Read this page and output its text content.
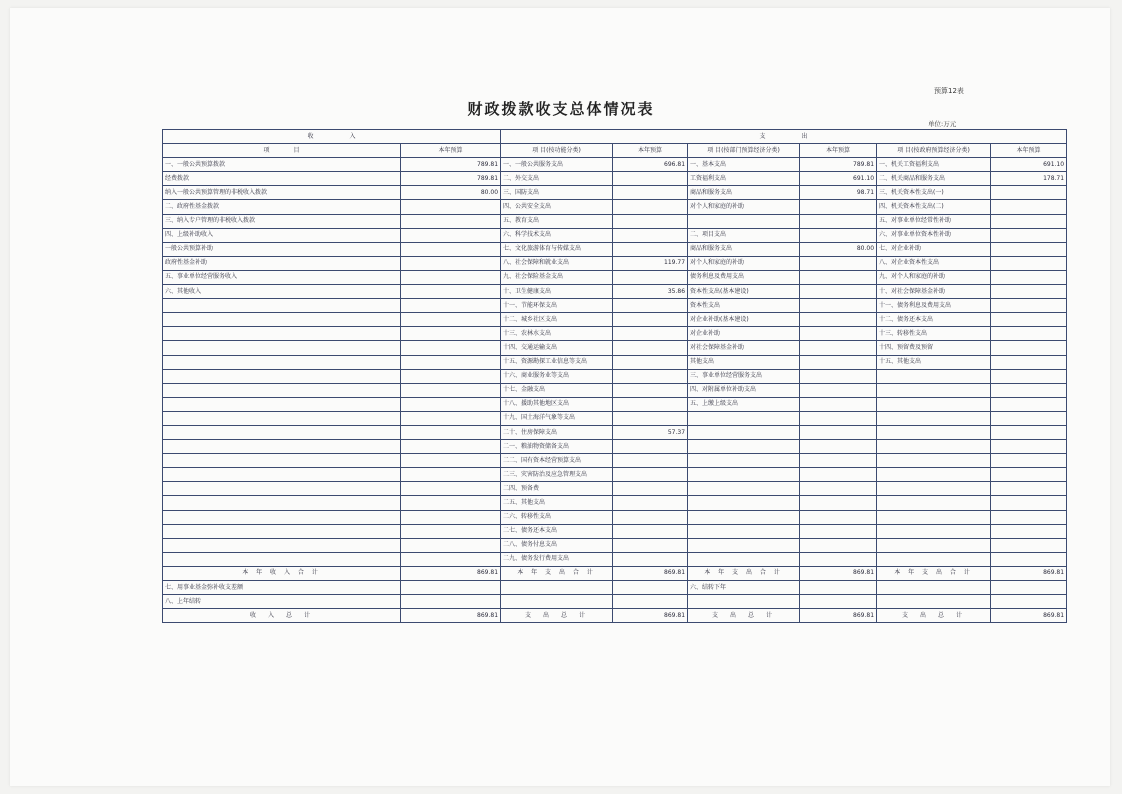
预算12表
财政拨款收支总体情况表
单位:万元
收　　　　　　入		支　　　　　　出					
项　　　　目	本年预算	项 目(按功能分类)	本年预算	项 目(按部门预算经济分类)	本年预算	项 目(按政府预算经济分类)	本年预算
一、一般公共预算拨款	789.81	一、一般公共服务支出	696.81	一、基本支出	789.81	一、机关工资福利支出	691.10
经费拨款	789.81	二、外交支出		工资福利支出	691.10	二、机关商品和服务支出	178.71
纳入一般公共预算管理的非税收入拨款	80.00	三、国防支出		商品和服务支出	98.71	三、机关资本性支出(一)	
二、政府性基金拨款		四、公共安全支出		对个人和家庭的补助		四、机关资本性支出(二)	
三、纳入专户管理的非税收入拨款		五、教育支出				五、对事业单位经常性补助	
四、上级补助收入		六、科学技术支出		二、项目支出		六、对事业单位资本性补助	
一般公共预算补助		七、文化旅游体育与传媒支出		商品和服务支出	80.00	七、对企业补助	
政府性基金补助		八、社会保障和就业支出	119.77	对个人和家庭的补助		八、对企业资本性支出	
五、事业单位经营服务收入		九、社会保险基金支出		债务利息及费用支出		九、对个人和家庭的补助	
六、其他收入		十、卫生健康支出	35.86	资本性支出(基本建设)		十、对社会保障基金补助	
		十一、节能环保支出		资本性支出		十一、债务利息及费用支出	
		十二、城乡社区支出		对企业补助(基本建设)		十二、债务还本支出	
		十三、农林水支出		对企业补助		十三、转移性支出	
		十四、交通运输支出		对社会保障基金补助		十四、预留费及预留	
		十五、资源勘探工业信息等支出		其他支出		十五、其他支出	
		十六、商业服务业等支出		三、事业单位经营服务支出			
		十七、金融支出		四、对附属单位补助支出			
		十八、援助其他地区支出		五、上缴上级支出			
		十九、国土海洋气象等支出					
		二十、住房保障支出	57.37				
		二一、粮油物资储备支出					
		二二、国有资本经营预算支出					
		二三、灾害防治及应急管理支出					
		二四、预备费					
		二五、其他支出					
		二六、转移性支出					
		二七、债务还本支出					
		二八、债务付息支出					
		二九、债务发行费用支出					
本 年 收 入 合 计	869.81	本 年 支 出 合 计	869.81	本 年 支 出 合 计	869.81	本 年 支 出 合 计	869.81
七、用事业基金弥补收支差额				六、结转下年			
八、上年结转							
收　入　总　计	869.81	支　出　总　计	869.81	支　出　总　计	869.81	支　出　总　计	869.81
